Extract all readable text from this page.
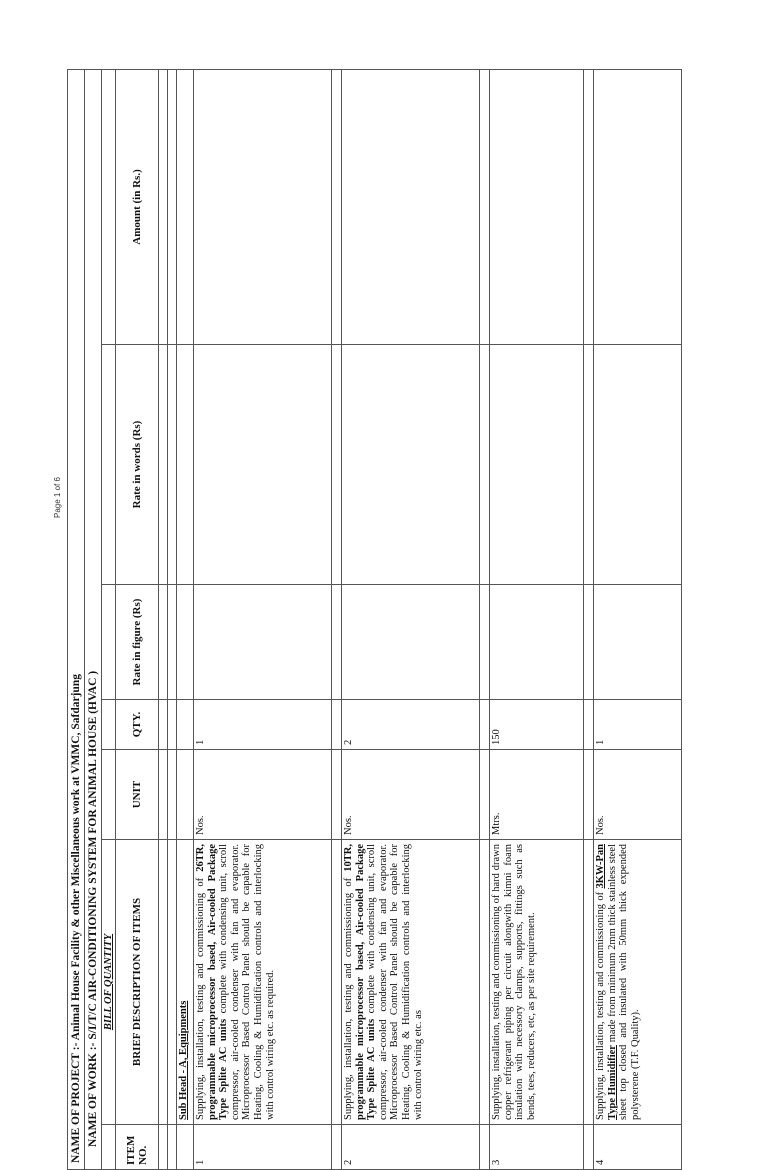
Page 1 of 6
NAME OF PROJECT :- Animal House Facility & other Miscellaneous work at VMMC, Safdarjung						
NAME OF WORK :- S/I/T/C AIR-CONDITIONING SYSTEM FOR ANIMAL HOUSE (HVAC )						
	BILL OF QUANTITY					
ITEM NO.	BRIEF DESCRIPTION OF ITEMS	UNIT	QTY.	Rate in figure (Rs)	Rate in words (Rs)	Amount (in Rs.)

	Sub Head - A, Equipments					
1	Supplying, installation, testing and commissioning of 26TR, programmable microprocessor based, Air-cooled Package Type Splite AC units complete with condensing unit, scroll compressor, air-cooled condenser with fan and evaporator. Microprocessor Based Control Panel should be capable for Heating, Cooling & Humidification controls and interlocking with control wiring etc. as required.	Nos.	1			

2	Supplying, installation, testing and commissioning of 10TR, programmable microprocessor based, Air-cooled Package Type Splite AC units complete with condensing unit, scroll compressor, air-cooled condenser with fan and evaporator. Microprocessor Based Control Panel should be capable for Heating, Cooling & Humidification controls and interlocking with control wiring etc. as	Nos.	2			

3	Supplying, installation, testing and commissioning of hard drawn copper refrigerant piping per circuit alongwith kimni foam insulation with necessory clamps, supports, fittings such as bends, tees, reducers, etc, as per site requirement.	Mtrs.	150			

4	Supplying, installation, testing and commissioning of 3KW-Pan Type Humidifier made from minimum 2mm thick stainless steel sheet top closed and insulated with 50mm thick expended polysterene (T.F. Quality).	Nos.	1			
